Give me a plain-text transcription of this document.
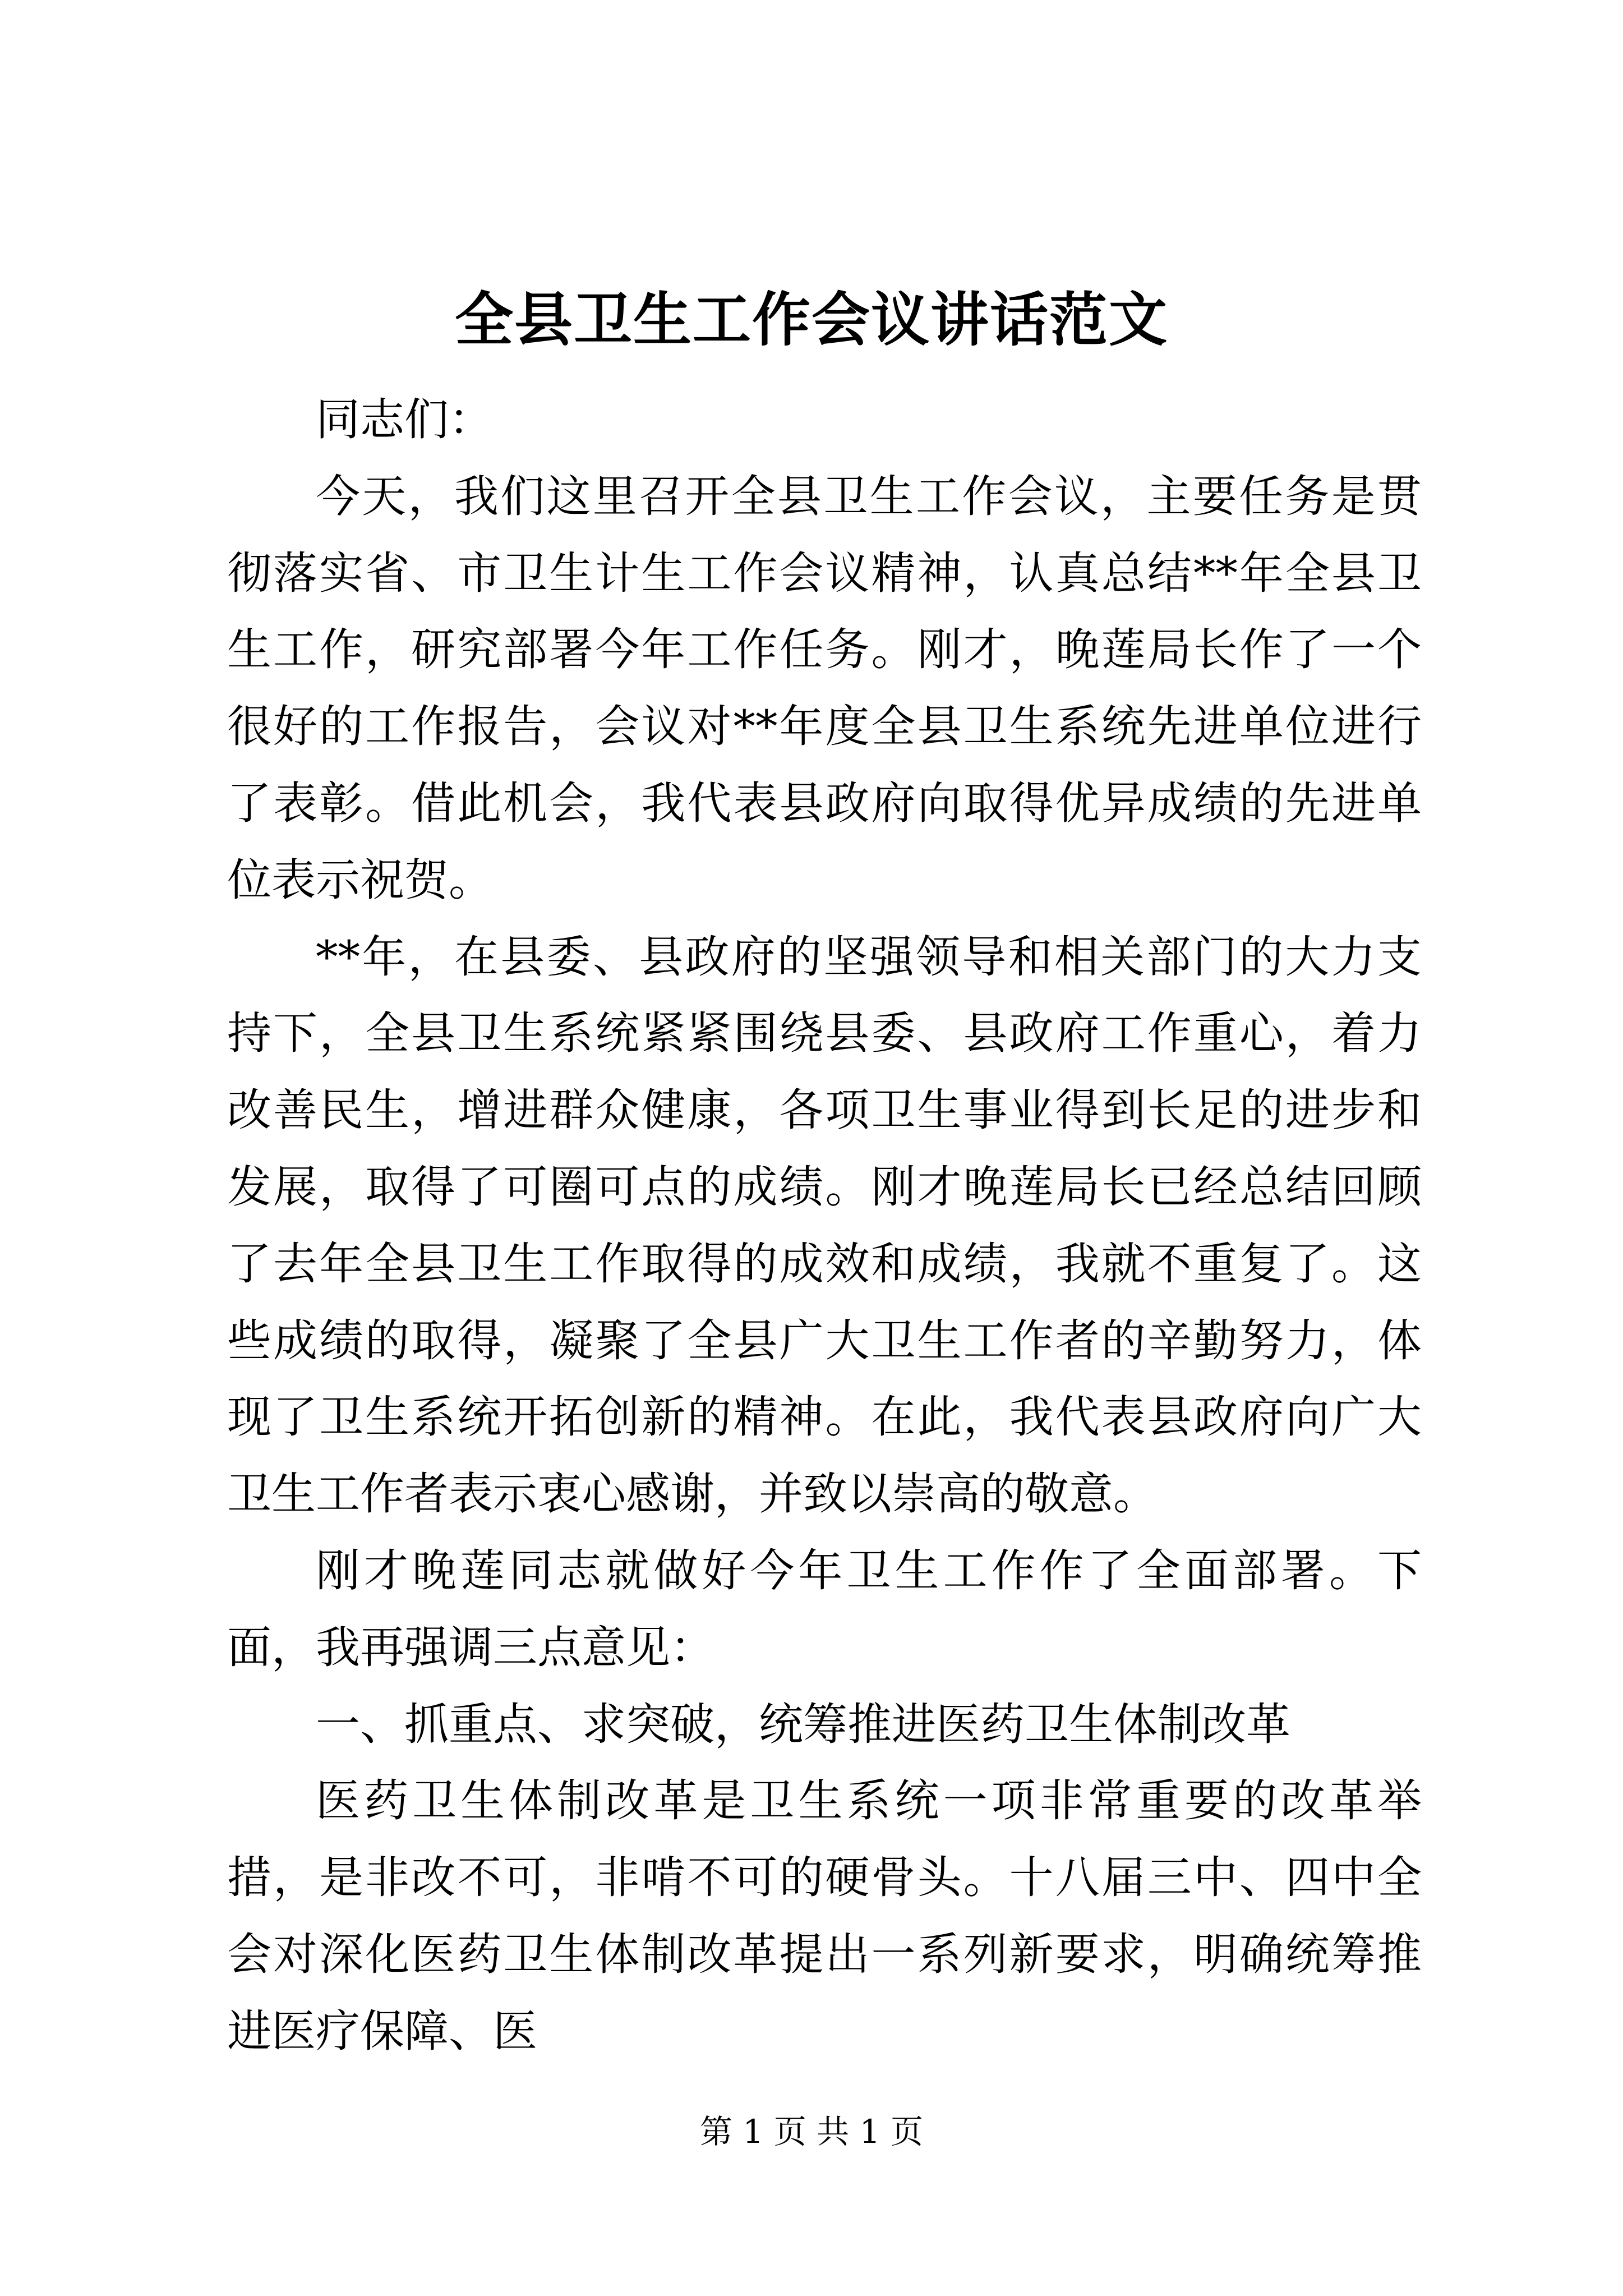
全县卫生工作会议讲话范文

同志们：

今天，我们这里召开全县卫生工作会议，主要任务是贯彻落实省、市卫生计生工作会议精神，认真总结**年全县卫生工作，研究部署今年工作任务。刚才，晚莲局长作了一个很好的工作报告，会议对**年度全县卫生系统先进单位进行了表彰。借此机会，我代表县政府向取得优异成绩的先进单位表示祝贺。

**年，在县委、县政府的坚强领导和相关部门的大力支持下，全县卫生系统紧紧围绕县委、县政府工作重心，着力改善民生，增进群众健康，各项卫生事业得到长足的进步和发展，取得了可圈可点的成绩。刚才晚莲局长已经总结回顾了去年全县卫生工作取得的成效和成绩，我就不重复了。这些成绩的取得，凝聚了全县广大卫生工作者的辛勤努力，体现了卫生系统开拓创新的精神。在此，我代表县政府向广大卫生工作者表示衷心感谢，并致以崇高的敬意。

刚才晚莲同志就做好今年卫生工作作了全面部署。下面，我再强调三点意见：

一、抓重点、求突破，统筹推进医药卫生体制改革

医药卫生体制改革是卫生系统一项非常重要的改革举措，是非改不可，非啃不可的硬骨头。十八届三中、四中全会对深化医药卫生体制改革提出一系列新要求，明确统筹推进医疗保障、医

第 1 页 共 1 页
